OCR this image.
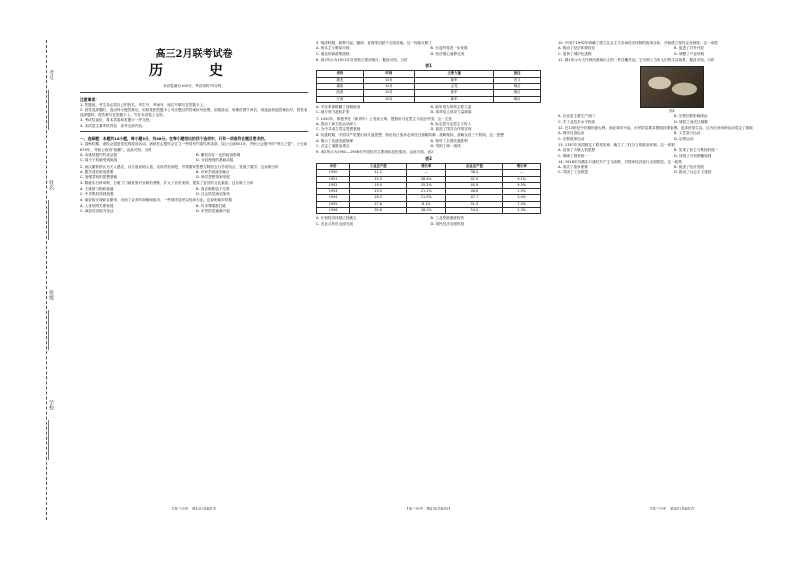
考号
姓名
班级
学校
高三2月联考试卷
历　史
本试卷满分100分，考试用时75分钟。

注意事项：

1. 答题前，考生务必将自己的姓名、考生号、考场号、座位号填写在答题卡上。

2. 回答选择题时，选出每小题答案后，用铅笔把答题卡上对应题目的答案标号涂黑。如需改动，用橡皮擦干净后，再选涂其他答案标号。回答非选择题时，将答案写在答题卡上。写在本试卷上无效。

3. 考试结束后，将本试卷和答题卡一并交回。

4. 本试卷主要考试内容：高考全部内容。

一、选择题：本题共16小题，每小题3分，共48分。在每小题给出的四个选项中，只有一项是符合题目要求的。

1. 春秋时期，诸侯会盟是常见的政治活动。诸侯在会盟时会订立一些带有约束性的条款，如公元前651年，齐桓公会盟中的“葵丘之盟”，公元前679年，齐桓公取得“始霸”。由此可知，当时

A. 本诸侯盟约约束会盟	B. 霸权存在一定的政治影响
C. 周天子权威受到挑战	D. 分封制度的基础动摇

2. 西汉董仲舒认为天人感应，以天道说明人道，宣扬君权神授，并将儒家思想与阴阳五行学说结合，发展了儒学。这表明当时

A. 儒学适应统治需要	B. 各家学说逐步融合
C. 加强君权的思想基础	D. 神学思想得到发展

3. 隋唐实行科举制，打破了门阀世族对官职的垄断，扩大了官员来源，提高了官员的文化素质。这反映了当时

A. 士族势力彻底衰落	B. 选官制度趋于完善
C. 中央集权得到加强	D. 社会阶层流动加快

4. 南宋临安城商业繁荣，出现了众多的商铺和夜市，一些城市居民以经商为业。这说明南宋时期

A. 人身依附关系松弛	B. 坊市界限被打破
C. 商品经济较为发达	D. 市民阶层逐渐兴起
【高三历史　第1页(共6页)】

5. 明清时期，商帮兴起，徽商、晋商等活跃于全国各地。这一现象反映了

A. 资本主义萌芽出现	B. 长途贸易进一步发展
C. 重农抑商政策废除	D. 经济重心南移完成

6. 表1所示为1911年各省独立情况统计。据此可知，当时

表1
省份	时间	主要力量	备注
湖北	10月	新军	首义
湖南	10月	会党	响应
陕西	10月	新军	响应
江西	10月	新军	响应
A. 辛亥革命推翻了清朝统治	B. 新军成为革命主要力量
C. 地方势力趁机扩张	D. 革命党人领导力量薄弱

7. 1920年，陈独秀在《新青年》上发表文章，提倡用马克思主义改造中国。这一主张

A. 推动了新文化运动深入	B. 标志着马克思主义传入
C. 为中共成立奠定思想基础	D. 促进了国共合作的实现

8. 抗战时期，中国共产党提出持久战思想，指出抗日战争必须经过战略防御、战略相持、战略反攻三个阶段。这一思想

A. 揭示了抗战发展规律	B. 指导了全国抗战胜利
C. 否定了速胜论观点	D. 巩固了统一战线

9. 表2所示为1950—1956年中国经济主要指标变化情况。由此可知，表2

表2
年份	工业总产值	增长率	农业总产值	增长率
1950	11.2	—	38.4	—
1951	15.5	38.4%	41.9	9.1%
1952	19.4	25.2%	45.9	9.5%
1953	23.5	21.1%	46.6	1.5%
1954	26.2	11.5%	47.7	2.4%
1955	27.8	6.1%	51.3	7.5%
1956	35.6	28.1%	54.0	5.3%
A. 计划经济体制已经确立	B. 工业发展速度较快
C. 农业合作化全面完成	D. 国民经济全面恢复
【高三历史　第2页(共6页)】

10. 中国于1992年明确了建立社会主义市场经济体制的改革目标，开始建立现代企业制度。这一举措

A. 推动了经济体制转变	B. 促进了对外开放
C. 加快了城市化进程	D. 调整了产业结构

11. 图1所示为古代两河流域出土的一件浮雕作品，它反映了当时人们的生活场景。据此可知，当时

图1
A. 农业是主要生产部门	B. 宗教信仰影响深远
C. 手工业技术水平较高	D. 城邦之间交往频繁

12. 在13世纪中后期的意大利，商业城市兴起，市民阶层要求摆脱封建束缚，追求世俗生活。这为后来何种运动奠定了基础

A. 城市自治运动	B. 文艺复兴运动
C. 宗教改革运动	D. 启蒙运动

13. 1787年美国制定了联邦宪章，确立了三权分立的政治体制。这一体制

A. 宣扬了天赋人权思想	B. 实现了民主与集权的统一
C. 保障了国家统一	D. 体现了分权制衡原则

14. 1918年苏俄实行战时共产主义政策，对国家经济进行全面管控。这一政策

A. 适应了战争需要	B. 促进了经济发展
C. 巩固了工农联盟	D. 推动了社会主义建设
【高三历史　第3页(共6页)】
